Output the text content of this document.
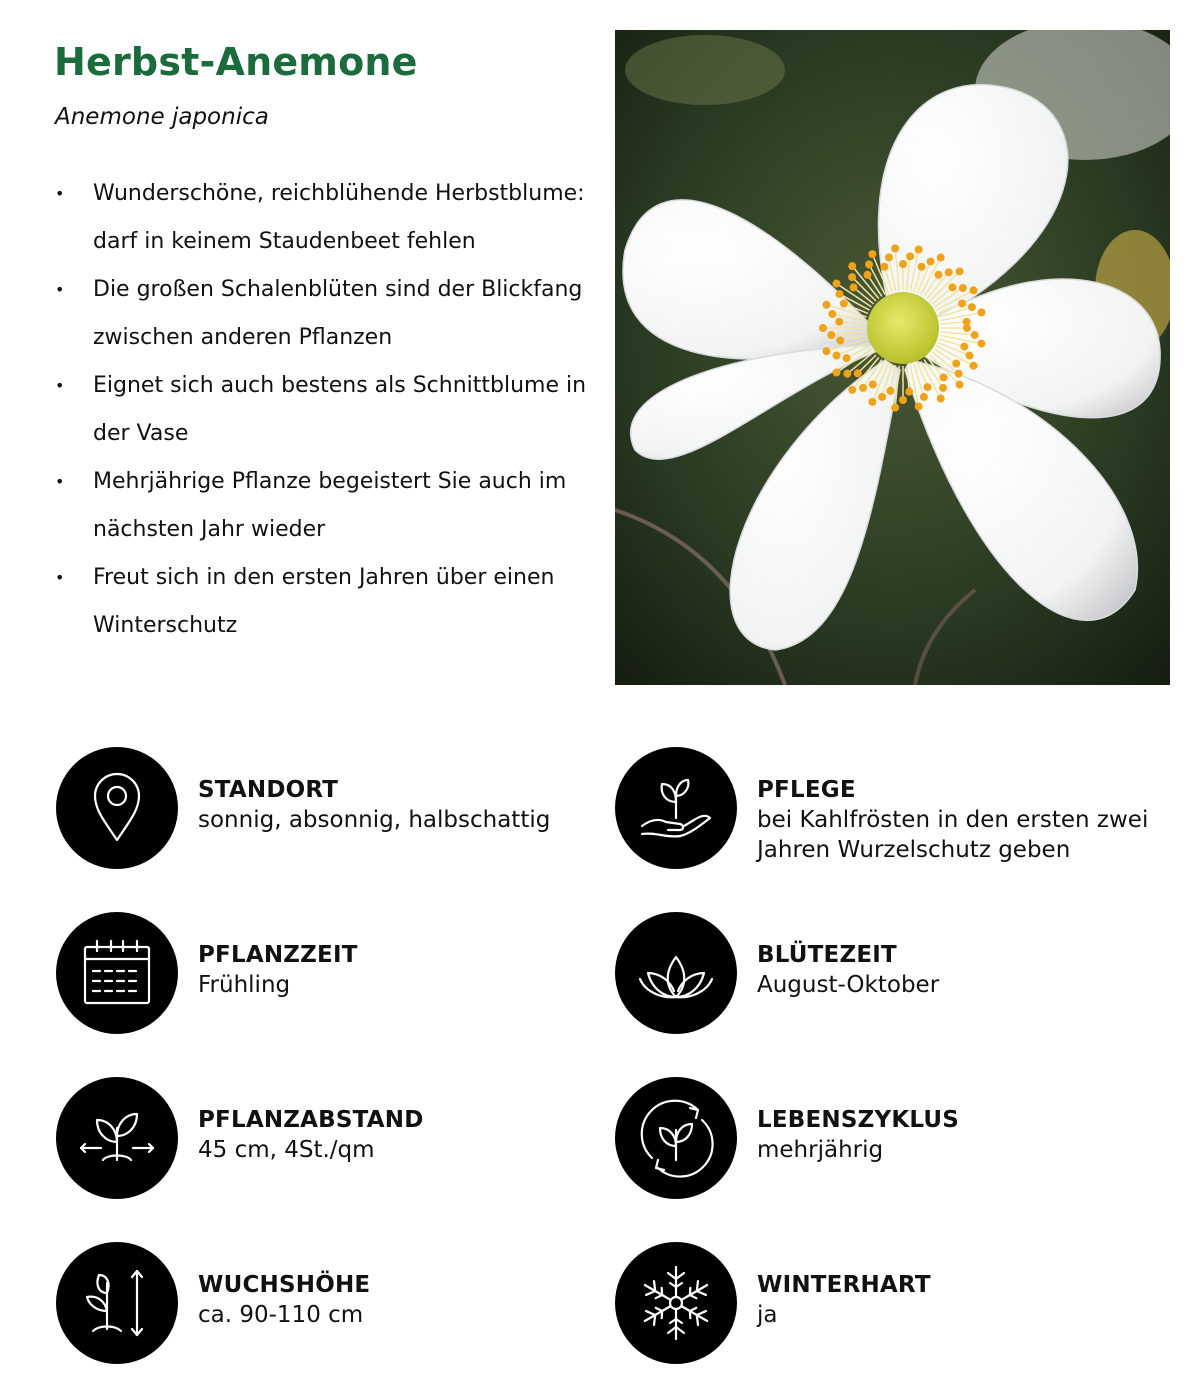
Herbst-Anemone

Anemone japonica

• Wunderschöne, reichblühende Herbstblume: darf in keinem Staudenbeet fehlen
• Die großen Schalenblüten sind der Blickfang zwischen anderen Pflanzen
• Eignet sich auch bestens als Schnittblume in der Vase
• Mehrjährige Pflanze begeistert Sie auch im nächsten Jahr wieder
• Freut sich in den ersten Jahren über einen Winterschutz
STANDORT
sonnig, absonnig, halbschattig
PFLEGE
bei Kahlfrösten in den ersten zwei Jahren Wurzelschutz geben
PFLANZZEIT
Frühling
BLÜTEZEIT
August-Oktober
PFLANZABSTAND
45 cm, 4St./qm
LEBENSZYKLUS
mehrjährig
WUCHSHÖHE
ca. 90-110 cm
WINTERHART
ja
